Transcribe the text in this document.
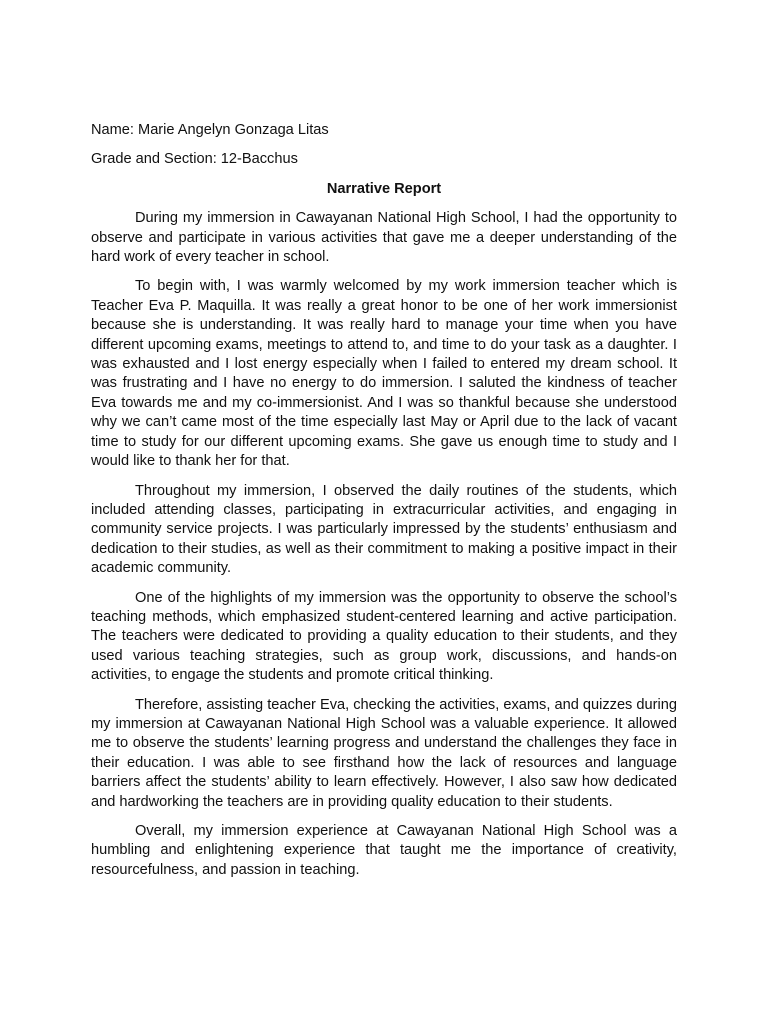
Name: Marie Angelyn Gonzaga Litas

Grade and Section: 12-Bacchus

Narrative Report

During my immersion in Cawayanan National High School, I had the opportunity to observe and participate in various activities that gave me a deeper understanding of the hard work of every teacher in school.

To begin with, I was warmly welcomed by my work immersion teacher which is Teacher Eva P. Maquilla. It was really a great honor to be one of her work immersionist because she is understanding. It was really hard to manage your time when you have different upcoming exams, meetings to attend to, and time to do your task as a daughter. I was exhausted and I lost energy especially when I failed to entered my dream school. It was frustrating and I have no energy to do immersion. I saluted the kindness of teacher Eva towards me and my co-immersionist. And I was so thankful because she understood why we can’t came most of the time especially last May or April due to the lack of vacant time to study for our different upcoming exams. She gave us enough time to study and I would like to thank her for that.

Throughout my immersion, I observed the daily routines of the students, which included attending classes, participating in extracurricular activities, and engaging in community service projects. I was particularly impressed by the students’ enthusiasm and dedication to their studies, as well as their commitment to making a positive impact in their academic community.

One of the highlights of my immersion was the opportunity to observe the school’s teaching methods, which emphasized student-centered learning and active participation. The teachers were dedicated to providing a quality education to their students, and they used various teaching strategies, such as group work, discussions, and hands-on activities, to engage the students and promote critical thinking.

Therefore, assisting teacher Eva, checking the activities, exams, and quizzes during my immersion at Cawayanan National High School was a valuable experience. It allowed me to observe the students’ learning progress and understand the challenges they face in their education. I was able to see firsthand how the lack of resources and language barriers affect the students’ ability to learn effectively. However, I also saw how dedicated and hardworking the teachers are in providing quality education to their students.

Overall, my immersion experience at Cawayanan National High School was a humbling and enlightening experience that taught me the importance of creativity, resourcefulness, and passion in teaching.
